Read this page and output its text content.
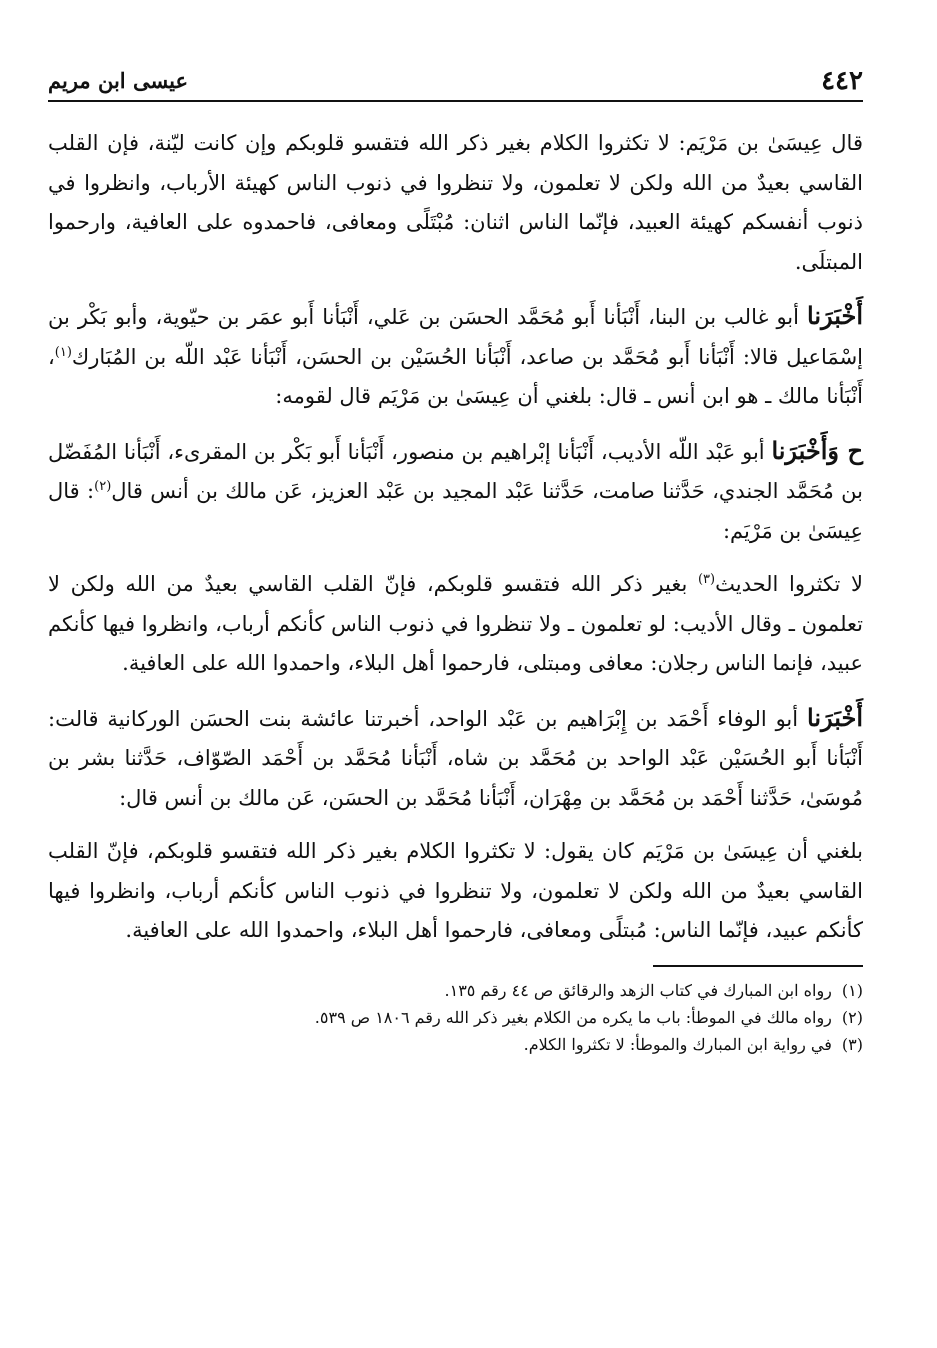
٤٤٢
عيسى ابن مريم

قال عِيسَىٰ بن مَرْيَم: لا تكثروا الكلام بغير ذكر الله فتقسو قلوبكم وإن كانت ليّنة، فإن القلب القاسي بعيدٌ من الله ولكن لا تعلمون، ولا تنظروا في ذنوب الناس كهيئة الأرباب، وانظروا في ذنوب أنفسكم كهيئة العبيد، فإنّما الناس اثنان: مُبْتَلًى ومعافى، فاحمدوه على العافية، وارحموا المبتلَى.

أَخْبَرَنا أبو غالب بن البنا، أَنْبَأنا أَبو مُحَمَّد الحسَن بن عَلي، أَنْبَأنا أَبو عمَر بن حيّوية، وأبو بَكْر بن إسْمَاعيل قالا: أَنْبَأنا أَبو مُحَمَّد بن صاعد، أَنْبَأنا الحُسَيْن بن الحسَن، أَنْبَأنا عَبْد اللّه بن المُبَارك$^{(١)}$، أَنْبَأنا مالك ـ هو ابن أنس ـ قال: بلغني أن عِيسَىٰ بن مَرْيَم قال لقومه:

ح وَأَخْبَرَنا أبو عَبْد اللّه الأديب، أَنْبَأنا إبْراهيم بن منصور، أَنْبَأنا أَبو بَكْر بن المقرىء، أَنْبَأنا المُفَضّل بن مُحَمَّد الجندي، حَدَّثنا صامت، حَدَّثنا عَبْد المجيد بن عَبْد العزيز، عَن مالك بن أنس قال$^{(٢)}$: قال عِيسَىٰ بن مَرْيَم:

لا تكثروا الحديث$^{(٣)}$ بغير ذكر الله فتقسو قلوبكم، فإنّ القلب القاسي بعيدٌ من الله ولكن لا تعلمون ـ وقال الأديب: لو تعلمون ـ ولا تنظروا في ذنوب الناس كأنكم أرباب، وانظروا فيها كأنكم عبيد، فإنما الناس رجلان: معافى ومبتلى، فارحموا أهل البلاء، واحمدوا الله على العافية.

أَخْبَرَنا أبو الوفاء أَحْمَد بن إِبْرَاهيم بن عَبْد الواحد، أخبرتنا عائشة بنت الحسَن الوركانية قالت: أَنْبَأنا أَبو الحُسَيْن عَبْد الواحد بن مُحَمَّد بن شاه، أَنْبَأنا مُحَمَّد بن أَحْمَد الصّوّاف، حَدَّثنا بشر بن مُوسَىٰ، حَدَّثنا أَحْمَد بن مُحَمَّد بن مِهْرَان، أَنْبَأنا مُحَمَّد بن الحسَن، عَن مالك بن أنس قال:

بلغني أن عِيسَىٰ بن مَرْيَم كان يقول: لا تكثروا الكلام بغير ذكر الله فتقسو قلوبكم، فإنّ القلب القاسي بعيدٌ من الله ولكن لا تعلمون، ولا تنظروا في ذنوب الناس كأنكم أرباب، وانظروا فيها كأنكم عبيد، فإنّما الناس: مُبتلًى ومعافى، فارحموا أهل البلاء، واحمدوا الله على العافية.

(١)
رواه ابن المبارك في كتاب الزهد والرقائق ص ٤٤ رقم ١٣٥.
(٢)
رواه مالك في الموطأ: باب ما يكره من الكلام بغير ذكر الله رقم ١٨٠٦ ص ٥٣٩.
(٣)
في رواية ابن المبارك والموطأ: لا تكثروا الكلام.
